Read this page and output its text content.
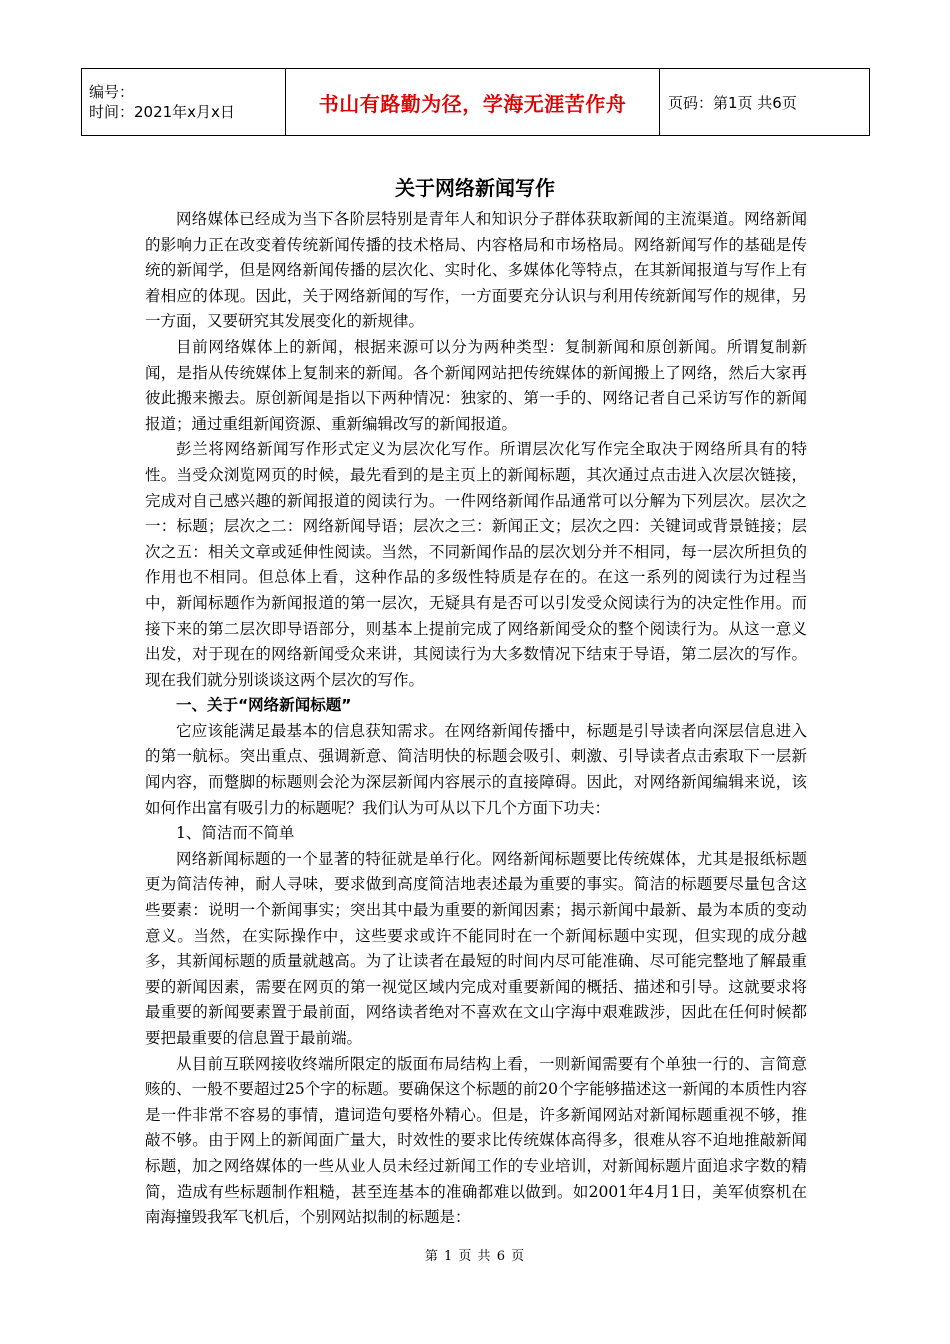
编号：
时间：2021年x月x日	书山有路勤为径，学海无涯苦作舟	页码：第1页 共6页
关于网络新闻写作

网络媒体已经成为当下各阶层特别是青年人和知识分子群体获取新闻的主流渠道。网络新闻的影响力正在改变着传统新闻传播的技术格局、内容格局和市场格局。网络新闻写作的基础是传统的新闻学，但是网络新闻传播的层次化、实时化、多媒体化等特点，在其新闻报道与写作上有着相应的体现。因此，关于网络新闻的写作，一方面要充分认识与利用传统新闻写作的规律，另一方面，又要研究其发展变化的新规律。

目前网络媒体上的新闻，根据来源可以分为两种类型：复制新闻和原创新闻。所谓复制新闻，是指从传统媒体上复制来的新闻。各个新闻网站把传统媒体的新闻搬上了网络，然后大家再彼此搬来搬去。原创新闻是指以下两种情况：独家的、第一手的、网络记者自己采访写作的新闻报道；通过重组新闻资源、重新编辑改写的新闻报道。

彭兰将网络新闻写作形式定义为层次化写作。所谓层次化写作完全取决于网络所具有的特性。当受众浏览网页的时候，最先看到的是主页上的新闻标题，其次通过点击进入次层次链接，完成对自己感兴趣的新闻报道的阅读行为。一件网络新闻作品通常可以分解为下列层次。层次之一：标题；层次之二：网络新闻导语；层次之三：新闻正文；层次之四：关键词或背景链接；层次之五：相关文章或延伸性阅读。当然，不同新闻作品的层次划分并不相同，每一层次所担负的作用也不相同。但总体上看，这种作品的多级性特质是存在的。在这一系列的阅读行为过程当中，新闻标题作为新闻报道的第一层次，无疑具有是否可以引发受众阅读行为的决定性作用。而接下来的第二层次即导语部分，则基本上提前完成了网络新闻受众的整个阅读行为。从这一意义出发，对于现在的网络新闻受众来讲，其阅读行为大多数情况下结束于导语，第二层次的写作。现在我们就分别谈谈这两个层次的写作。

一、关于“网络新闻标题”

它应该能满足最基本的信息获知需求。在网络新闻传播中，标题是引导读者向深层信息进入的第一航标。突出重点、强调新意、简洁明快的标题会吸引、刺激、引导读者点击索取下一层新闻内容，而蹩脚的标题则会沦为深层新闻内容展示的直接障碍。因此，对网络新闻编辑来说，该如何作出富有吸引力的标题呢？我们认为可从以下几个方面下功夫：

1、简洁而不简单

网络新闻标题的一个显著的特征就是单行化。网络新闻标题要比传统媒体，尤其是报纸标题更为简洁传神，耐人寻味，要求做到高度简洁地表述最为重要的事实。简洁的标题要尽量包含这些要素：说明一个新闻事实；突出其中最为重要的新闻因素；揭示新闻中最新、最为本质的变动意义。当然，在实际操作中，这些要求或许不能同时在一个新闻标题中实现，但实现的成分越多，其新闻标题的质量就越高。为了让读者在最短的时间内尽可能准确、尽可能完整地了解最重要的新闻因素，需要在网页的第一视觉区域内完成对重要新闻的概括、描述和引导。这就要求将最重要的新闻要素置于最前面，网络读者绝对不喜欢在文山字海中艰难跋涉，因此在任何时候都要把最重要的信息置于最前端。

从目前互联网接收终端所限定的版面布局结构上看，一则新闻需要有个单独一行的、言简意赅的、一般不要超过25个字的标题。要确保这个标题的前20个字能够描述这一新闻的本质性内容是一件非常不容易的事情，遣词造句要格外精心。但是，许多新闻网站对新闻标题重视不够，推敲不够。由于网上的新闻面广量大，时效性的要求比传统媒体高得多，很难从容不迫地推敲新闻标题，加之网络媒体的一些从业人员未经过新闻工作的专业培训，对新闻标题片面追求字数的精简，造成有些标题制作粗糙，甚至连基本的准确都难以做到。如2001年4月1日，美军侦察机在南海撞毁我军飞机后，个别网站拟制的标题是：

第 1 页 共 6 页
